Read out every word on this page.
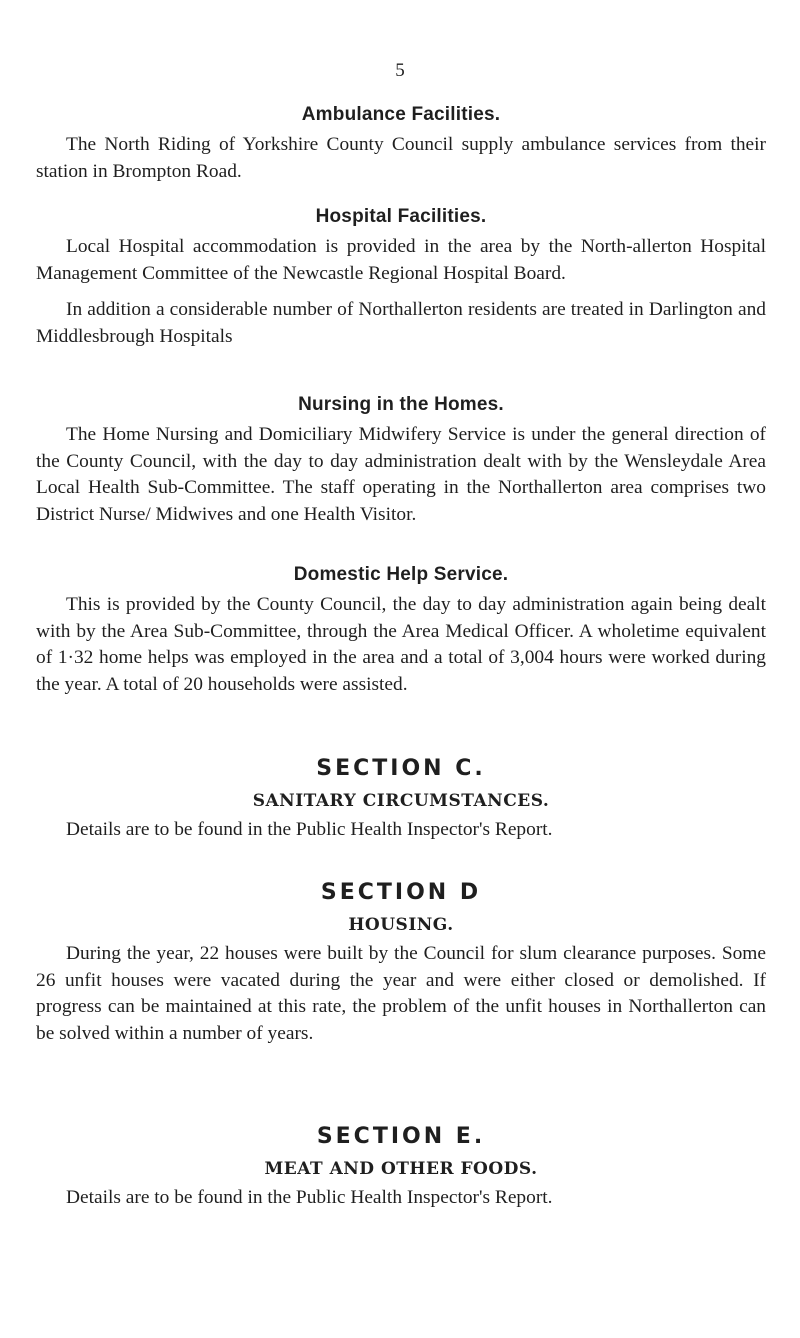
5
Ambulance Facilities.

The North Riding of Yorkshire County Council supply ambulance services from their station in Brompton Road.

Hospital Facilities.

Local Hospital accommodation is provided in the area by the North-allerton Hospital Management Committee of the Newcastle Regional Hospital Board.

In addition a considerable number of Northallerton residents are treated in Darlington and Middlesbrough Hospitals

Nursing in the Homes.

The Home Nursing and Domiciliary Midwifery Service is under the general direction of the County Council, with the day to day administration dealt with by the Wensleydale Area Local Health Sub-Committee. The staff operating in the Northallerton area comprises two District Nurse/ Midwives and one Health Visitor.

Domestic Help Service.

This is provided by the County Council, the day to day administration again being dealt with by the Area Sub-Committee, through the Area Medical Officer. A wholetime equivalent of 1·32 home helps was employed in the area and a total of 3,004 hours were worked during the year. A total of 20 households were assisted.

SECTION C.
SANITARY CIRCUMSTANCES.

Details are to be found in the Public Health Inspector's Report.

SECTION D
HOUSING.

During the year, 22 houses were built by the Council for slum clearance purposes. Some 26 unfit houses were vacated during the year and were either closed or demolished. If progress can be maintained at this rate, the problem of the unfit houses in Northallerton can be solved within a number of years.

SECTION E.
MEAT AND OTHER FOODS.

Details are to be found in the Public Health Inspector's Report.
